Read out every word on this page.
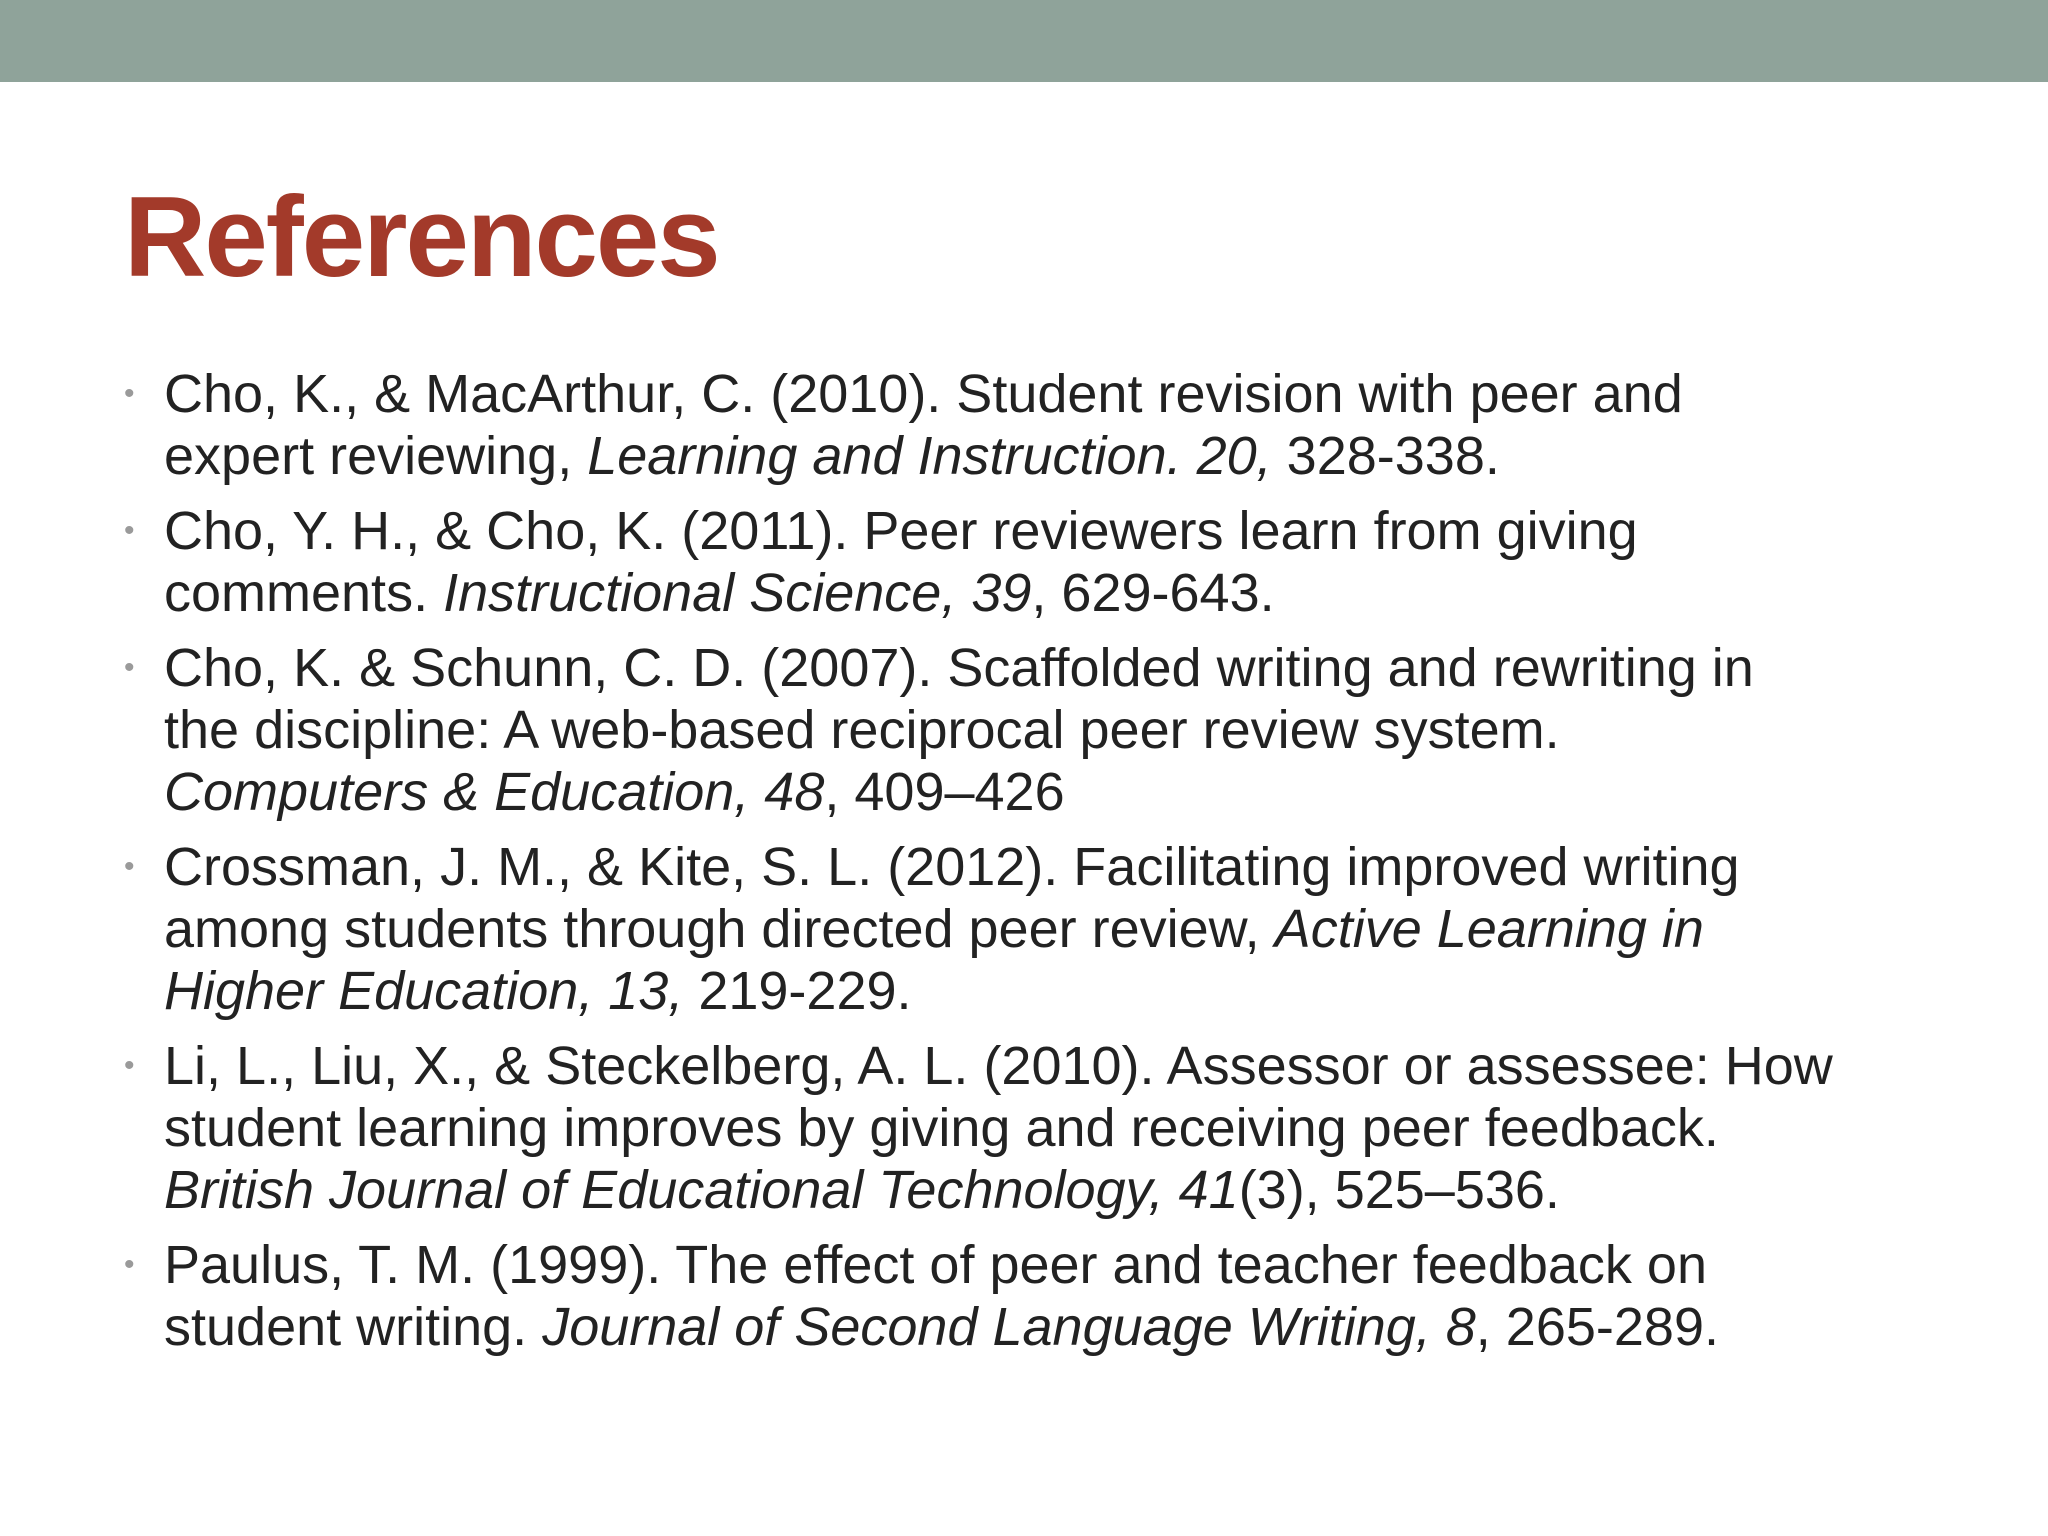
References
• Cho, K., & MacArthur, C. (2010). Student revision with peer and
expert reviewing, Learning and Instruction. 20, 328-338.
• Cho, Y. H., & Cho, K. (2011). Peer reviewers learn from giving
comments. Instructional Science, 39, 629-643.
• Cho, K. & Schunn, C. D. (2007). Scaffolded writing and rewriting in
the discipline: A web-based reciprocal peer review system.
Computers & Education, 48, 409–426
• Crossman, J. M., & Kite, S. L. (2012). Facilitating improved writing
among students through directed peer review, Active Learning in
Higher Education, 13, 219-229.
• Li, L., Liu, X., & Steckelberg, A. L. (2010). Assessor or assessee: How
student learning improves by giving and receiving peer feedback.
British Journal of Educational Technology, 41(3), 525–536.
• Paulus, T. M. (1999). The effect of peer and teacher feedback on
student writing. Journal of Second Language Writing, 8, 265-289.
